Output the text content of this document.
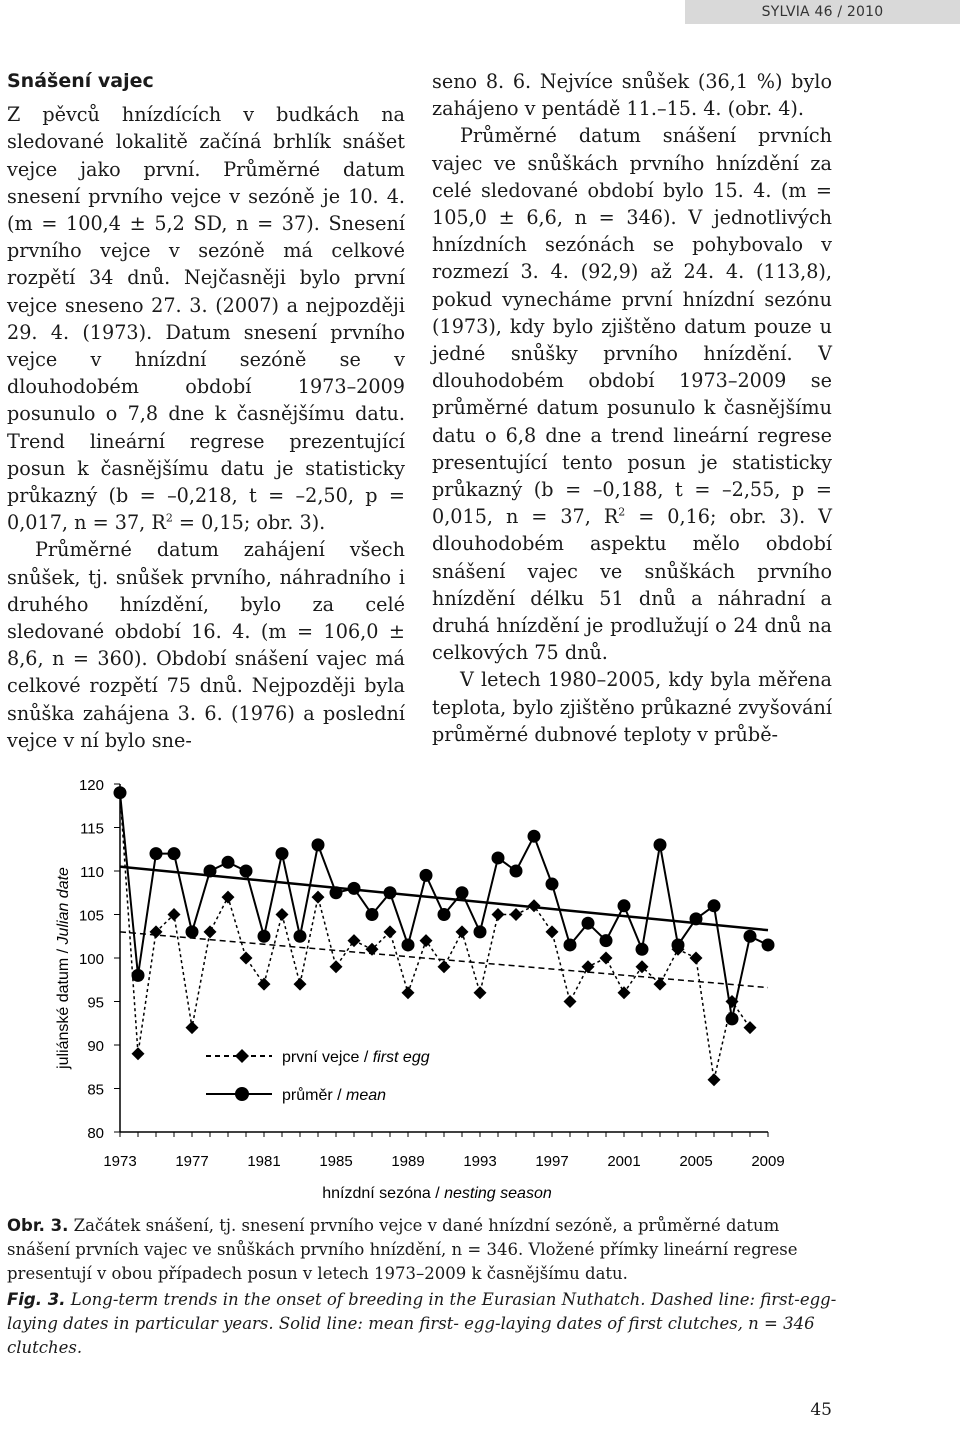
SYLVIA 46 / 2010
Snášení vajec

Z pěvců hnízdících v budkách na sledované lokalitě začíná brhlík snášet vejce jako první. Průměrné datum snesení prvního vejce v sezóně je 10. 4. (m = 100,4 ± 5,2 SD, n = 37). Snesení prvního vejce v sezóně má celkové rozpětí 34 dnů. Nejčasněji bylo první vejce sneseno 27. 3. (2007) a nejpozději 29. 4. (1973). Datum snesení prvního vejce v hnízdní sezóně se v dlouhodobém období 1973–2009 posunulo o 7,8 dne k časnějšímu datu. Trend lineární regrese prezentující posun k časnějšímu datu je statisticky průkazný (b = –0,218, t = –2,50, p = 0,017, n = 37, $R^2 = 0,15$; obr. 3).

Průměrné datum zahájení všech snůšek, tj. snůšek prvního, náhradního i druhého hnízdění, bylo za celé sledované období 16. 4. (m = 106,0 ± 8,6, n = 360). Období snášení vajec má celkové rozpětí 75 dnů. Nejpozději byla snůška zahájena 3. 6. (1976) a poslední vejce v ní bylo sne-

seno 8. 6. Nejvíce snůšek (36,1 %) bylo zahájeno v pentádě 11.–15. 4. (obr. 4).

Průměrné datum snášení prvních vajec ve snůškách prvního hnízdění za celé sledované období bylo 15. 4. (m = 105,0 ± 6,6, n = 346). V jednotlivých hnízdních sezónách se pohybovalo v rozmezí 3. 4. (92,9) až 24. 4. (113,8), pokud vynecháme první hnízdní sezónu (1973), kdy bylo zjištěno datum pouze u jedné snůšky prvního hnízdění. V dlouhodobém období 1973–2009 se průměrné datum posunulo k časnějšímu datu o 6,8 dne a trend lineární regrese presentující tento posun je statisticky průkazný (b = –0,188, t = –2,55, p = 0,015, n = 37, $R^2 = 0,16$; obr. 3). V dlouhodobém aspektu mělo období snášení vajec ve snůškách prvního hnízdění délku 51 dnů a náhradní a druhá hnízdění je prodlužují o 24 dnů na celkových 75 dnů.

V letech 1980–2005, kdy byla měřena teplota, bylo zjištěno průkazné zvyšování průměrné dubnové teploty v průbě-

80
85
90
95
100
105
110
115
120
1973	1977	1981	1985	1989	1993	1997	2001	2005	2009
juliánské datum / Julian date
hnízdní sezóna / nesting season
první vejce / first egg
průměr / mean

Obr. 3. Začátek snášení, tj. snesení prvního vejce v dané hnízdní sezóně, a průměrné datum snášení prvních vajec ve snůškách prvního hnízdění, n = 346. Vložené přímky lineární regrese presentují v obou případech posun v letech 1973–2009 k časnějšímu datu.

Fig. 3. Long-term trends in the onset of breeding in the Eurasian Nuthatch. Dashed line: first-egg-laying dates in particular years. Solid line: mean first- egg-laying dates of first clutches, n = 346 clutches.

45
